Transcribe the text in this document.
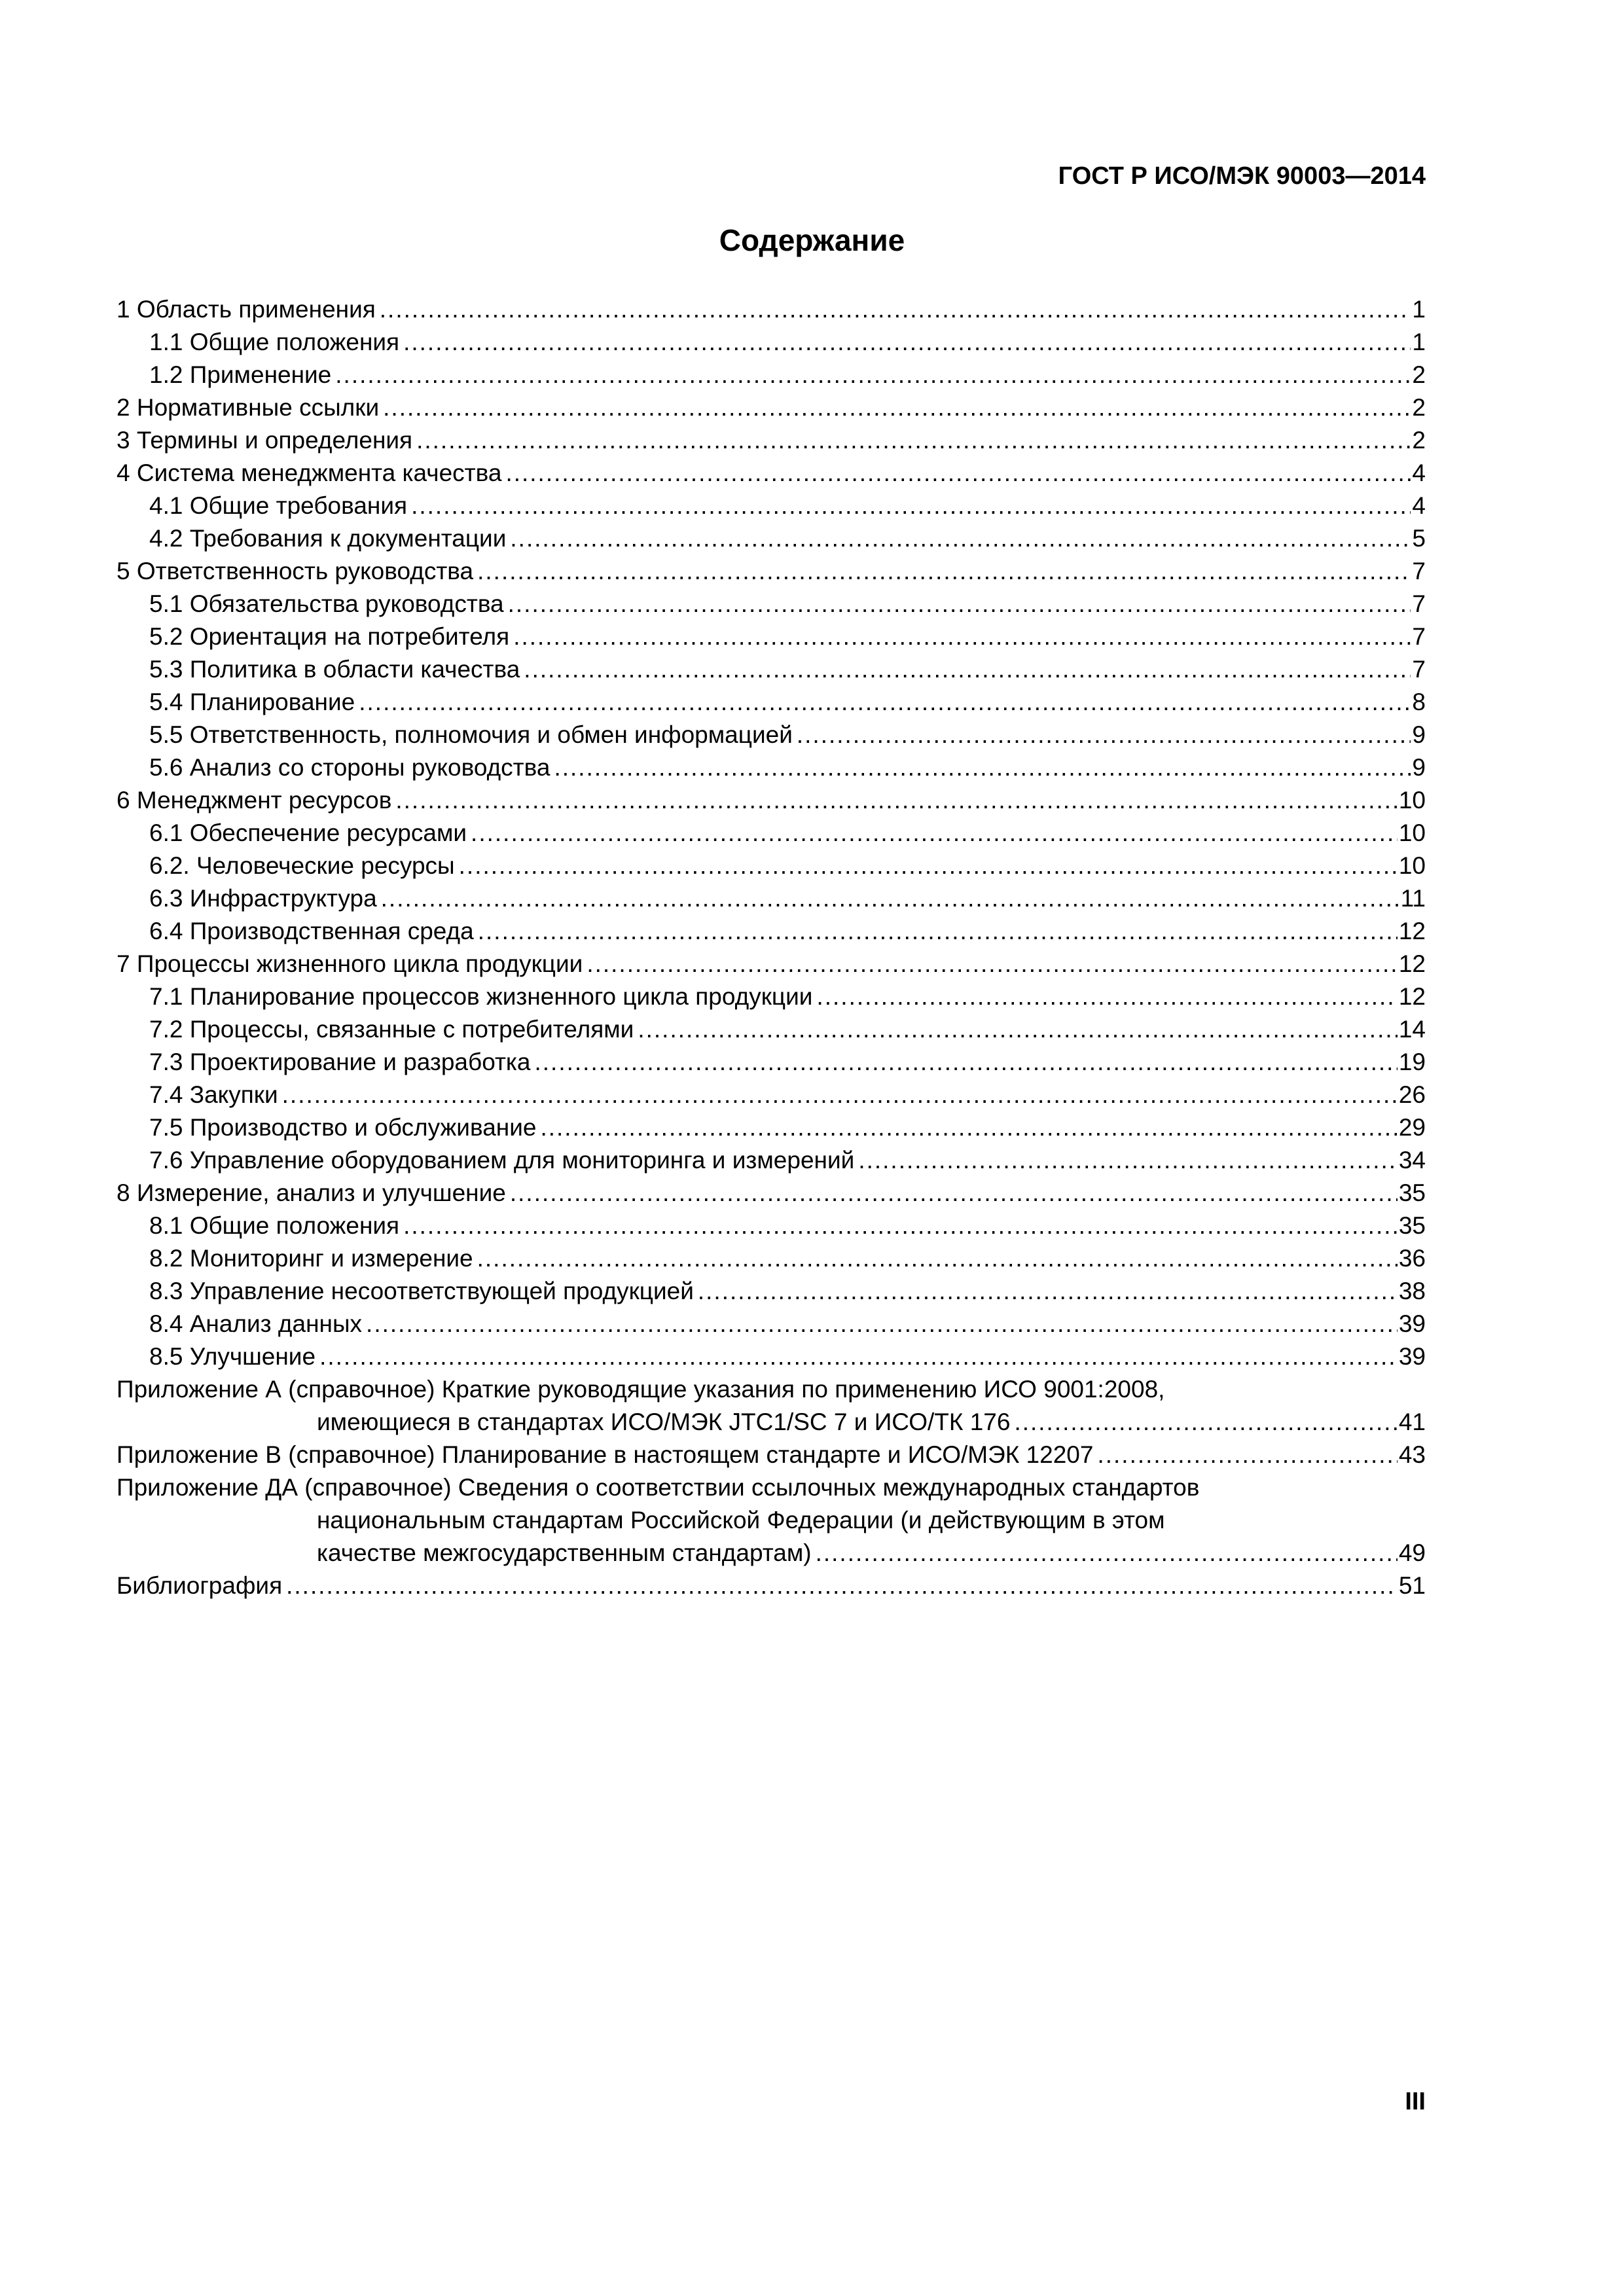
ГОСТ Р ИСО/МЭК 90003—2014
Содержание
1 Область применения .....	1
1.1 Общие положения .....	1
1.2 Применение .....	2
2 Нормативные ссылки .....	2
3 Термины и определения .....	2
4 Система менеджмента качества .....	4
4.1 Общие требования .....	4
4.2 Требования к документации .....	5
5 Ответственность руководства .....	7
5.1 Обязательства руководства .....	7
5.2 Ориентация на потребителя .....	7
5.3 Политика в области качества .....	7
5.4 Планирование .....	8
5.5 Ответственность, полномочия и обмен информацией .....	9
5.6 Анализ со стороны руководства .....	9
6 Менеджмент ресурсов .....	10
6.1 Обеспечение ресурсами .....	10
6.2. Человеческие ресурсы .....	10
6.3 Инфраструктура .....	11
6.4 Производственная среда .....	12
7 Процессы жизненного цикла продукции .....	12
7.1 Планирование процессов жизненного цикла продукции .....	12
7.2 Процессы, связанные с потребителями .....	14
7.3 Проектирование и разработка .....	19
7.4 Закупки .....	26
7.5 Производство и обслуживание .....	29
7.6 Управление оборудованием для мониторинга и измерений .....	34
8 Измерение, анализ и улучшение .....	35
8.1 Общие положения .....	35
8.2 Мониторинг и измерение .....	36
8.3 Управление несоответствующей продукцией .....	38
8.4 Анализ данных .....	39
8.5 Улучшение .....	39
Приложение А (справочное) Краткие руководящие указания по применению ИСО 9001:2008,
имеющиеся в стандартах ИСО/МЭК JTC1/SC 7 и ИСО/ТК 176 .....	41
Приложение В (справочное) Планирование в настоящем стандарте и ИСО/МЭК 12207 .....	43
Приложение ДА (справочное) Сведения о соответствии ссылочных международных стандартов
национальным стандартам Российской Федерации (и действующим в этом
качестве межгосударственным стандартам) .....	49
Библиография .....	51
III
